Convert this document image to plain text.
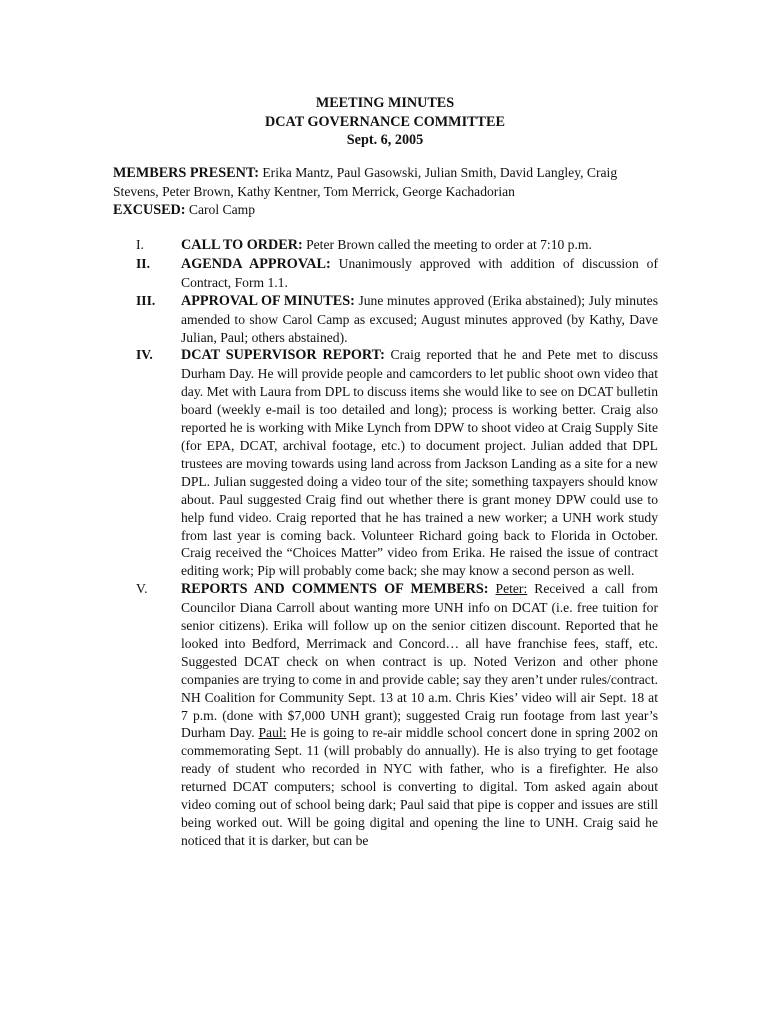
MEETING MINUTES
DCAT GOVERNANCE COMMITTEE
Sept. 6, 2005

MEMBERS PRESENT: Erika Mantz, Paul Gasowski, Julian Smith, David Langley, Craig Stevens, Peter Brown, Kathy Kentner, Tom Merrick, George Kachadorian

EXCUSED: Carol Camp

I.	CALL TO ORDER: Peter Brown called the meeting to order at 7:10 p.m.
II.	AGENDA APPROVAL: Unanimously approved with addition of discussion of Contract, Form 1.1.
III.	APPROVAL OF MINUTES: June minutes approved (Erika abstained); July minutes amended to show Carol Camp as excused; August minutes approved (by Kathy, Dave Julian, Paul; others abstained).
IV.	DCAT SUPERVISOR REPORT: Craig reported that he and Pete met to discuss Durham Day. He will provide people and camcorders to let public shoot own video that day. Met with Laura from DPL to discuss items she would like to see on DCAT bulletin board (weekly e-mail is too detailed and long); process is working better. Craig also reported he is working with Mike Lynch from DPW to shoot video at Craig Supply Site (for EPA, DCAT, archival footage, etc.) to document project. Julian added that DPL trustees are moving towards using land across from Jackson Landing as a site for a new DPL. Julian suggested doing a video tour of the site; something taxpayers should know about. Paul suggested Craig find out whether there is grant money DPW could use to help fund video. Craig reported that he has trained a new worker; a UNH work study from last year is coming back. Volunteer Richard going back to Florida in October. Craig received the “Choices Matter” video from Erika. He raised the issue of contract editing work; Pip will probably come back; she may know a second person as well.
V.	REPORTS AND COMMENTS OF MEMBERS: Peter: Received a call from Councilor Diana Carroll about wanting more UNH info on DCAT (i.e. free tuition for senior citizens). Erika will follow up on the senior citizen discount. Reported that he looked into Bedford, Merrimack and Concord… all have franchise fees, staff, etc. Suggested DCAT check on when contract is up. Noted Verizon and other phone companies are trying to come in and provide cable; say they aren’t under rules/contract. NH Coalition for Community Sept. 13 at 10 a.m. Chris Kies’ video will air Sept. 18 at 7 p.m. (done with $7,000 UNH grant); suggested Craig run footage from last year’s Durham Day. Paul: He is going to re-air middle school concert done in spring 2002 on commemorating Sept. 11 (will probably do annually). He is also trying to get footage ready of student who recorded in NYC with father, who is a firefighter. He also returned DCAT computers; school is converting to digital. Tom asked again about video coming out of school being dark; Paul said that pipe is copper and issues are still being worked out. Will be going digital and opening the line to UNH. Craig said he noticed that it is darker, but can be
